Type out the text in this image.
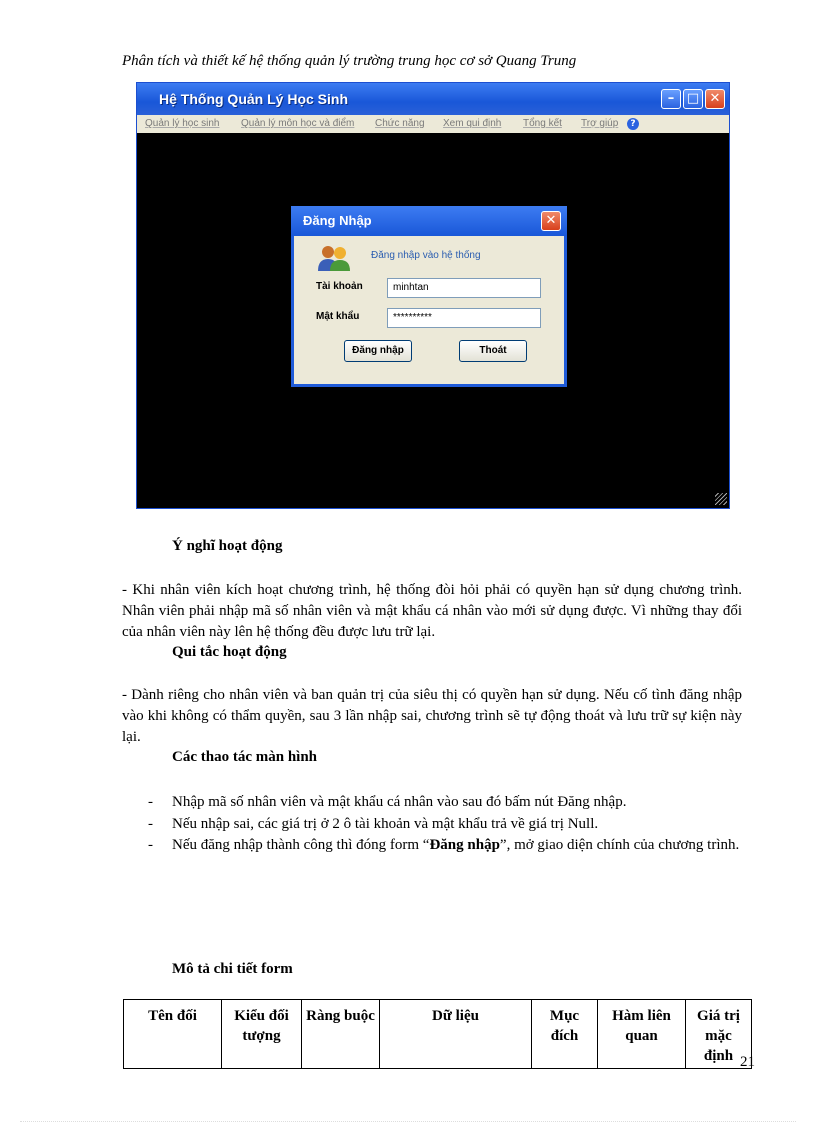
Phân tích và thiết kế hệ thống quản lý trường trung học cơ sở Quang Trung
Hệ Thống Quản Lý Học Sinh	– □ ✕
Quản lý học sinh Quản lý môn học và điểm Chức năng Xem qui định Tổng kết Trợ giúp	?
Đăng Nhập	✕
Đăng nhập vào hệ thống
Tài khoản	minhtan
Mật khẩu	**********
Đăng nhập	Thoát
Ý nghĩ hoạt động
- Khi nhân viên kích hoạt chương trình, hệ thống đòi hỏi phải có quyền hạn sử dụng chương trình. Nhân viên phải nhập mã số nhân viên và mật khẩu cá nhân vào mới sử dụng được. Vì những thay đổi của nhân viên này lên hệ thống đều được lưu trữ lại.
Qui tắc hoạt động
- Dành riêng cho nhân viên và ban quản trị của siêu thị có quyền hạn sử dụng. Nếu cố tình đăng nhập vào khi không có thẩm quyền, sau 3 lần nhập sai, chương trình sẽ tự động thoát và lưu trữ sự kiện này lại.
Các thao tác màn hình
- Nhập mã số nhân viên và mật khẩu cá nhân vào sau đó bấm nút Đăng nhập.
- Nếu nhập sai, các giá trị ở 2 ô tài khoản và mật khẩu trả về giá trị Null.
- Nếu đăng nhập thành công thì đóng form “Đăng nhập”, mở giao diện chính của chương trình.
Mô tả chi tiết form
Tên đối	Kiểu đối tượng	Ràng buộc	Dữ liệu	Mục đích	Hàm liên quan	Giá trị mặc định 21
